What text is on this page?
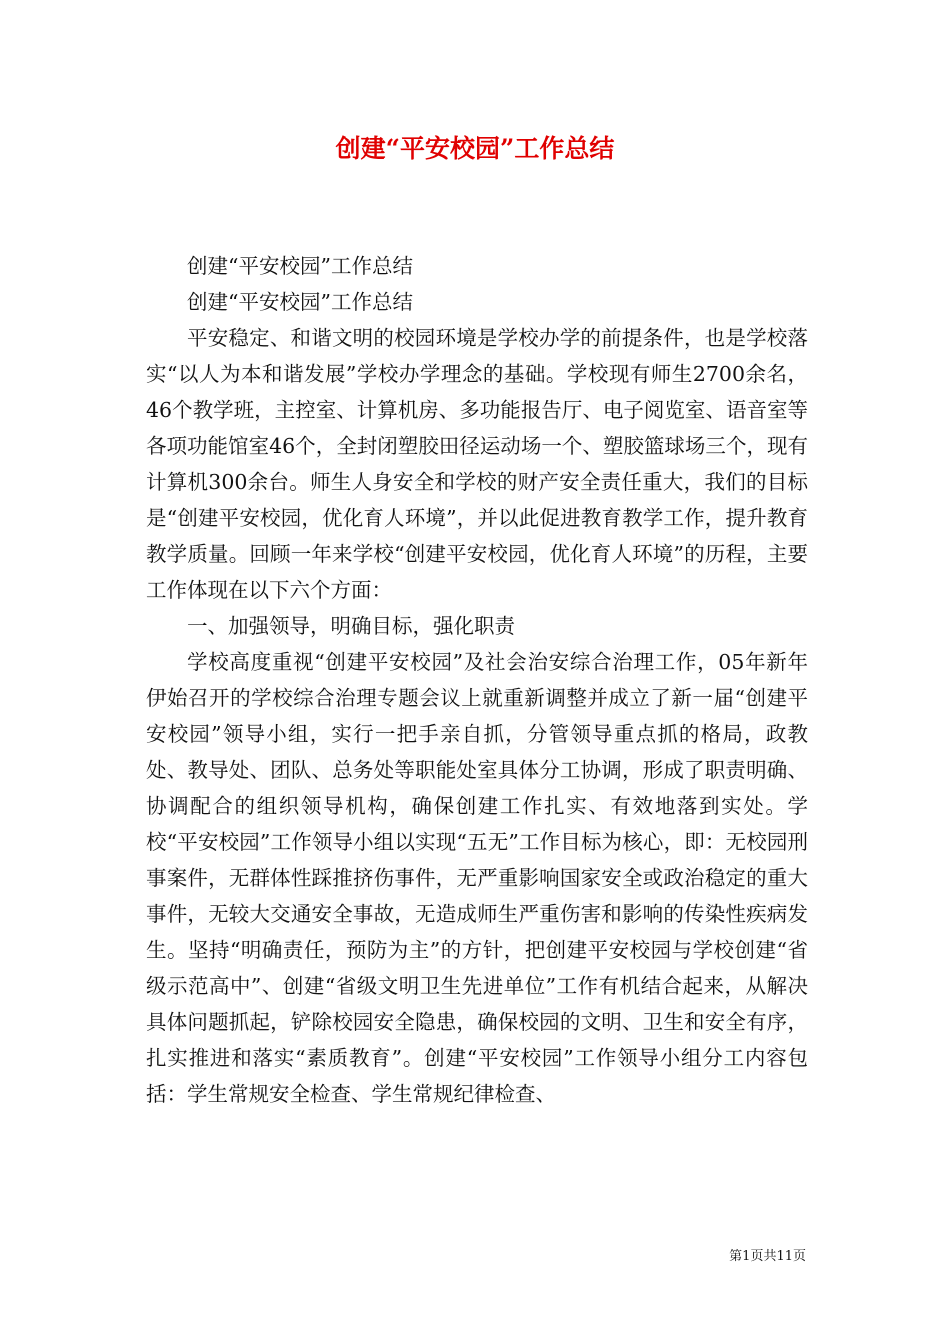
创建“平安校园”工作总结

创建“平安校园”工作总结

创建“平安校园”工作总结

平安稳定、和谐文明的校园环境是学校办学的前提条件，也是学校落实“以人为本和谐发展”学校办学理念的基础。学校现有师生2700余名，46个教学班，主控室、计算机房、多功能报告厅、电子阅览室、语音室等各项功能馆室46个，全封闭塑胶田径运动场一个、塑胶篮球场三个，现有计算机300余台。师生人身安全和学校的财产安全责任重大，我们的目标是“创建平安校园，优化育人环境”，并以此促进教育教学工作，提升教育教学质量。回顾一年来学校“创建平安校园，优化育人环境”的历程，主要工作体现在以下六个方面：

一、加强领导，明确目标，强化职责

学校高度重视“创建平安校园”及社会治安综合治理工作，05年新年伊始召开的学校综合治理专题会议上就重新调整并成立了新一届“创建平安校园”领导小组，实行一把手亲自抓，分管领导重点抓的格局，政教处、教导处、团队、总务处等职能处室具体分工协调，形成了职责明确、协调配合的组织领导机构，确保创建工作扎实、有效地落到实处。学校“平安校园”工作领导小组以实现“五无”工作目标为核心，即：无校园刑事案件，无群体性踩推挤伤事件，无严重影响国家安全或政治稳定的重大事件，无较大交通安全事故，无造成师生严重伤害和影响的传染性疾病发生。坚持“明确责任，预防为主”的方针，把创建平安校园与学校创建“省级示范高中”、创建“省级文明卫生先进单位”工作有机结合起来，从解决具体问题抓起，铲除校园安全隐患，确保校园的文明、卫生和安全有序，扎实推进和落实“素质教育”。创建“平安校园”工作领导小组分工内容包括：学生常规安全检查、学生常规纪律检查、

第1页共11页
